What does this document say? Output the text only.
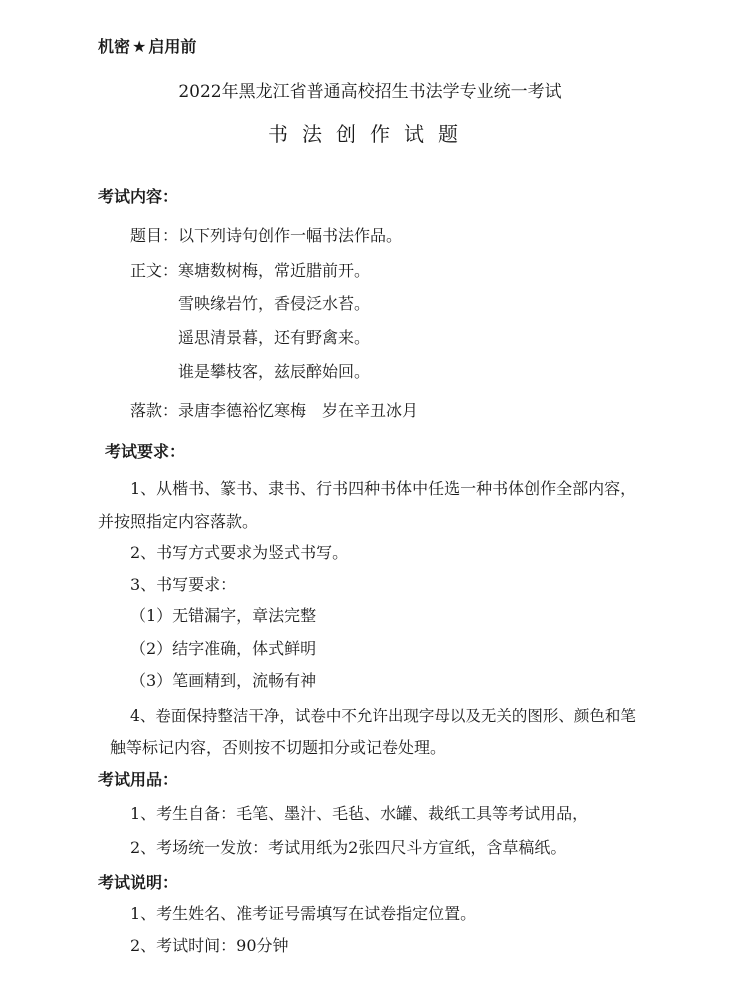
机密 ★ 启用前
2022年黑龙江省普通高校招生书法学专业统一考试
书法创作试题
考试内容：
题目：以下列诗句创作一幅书法作品。
正文：寒塘数树梅，常近腊前开。
雪映缘岩竹，香侵泛水苔。
遥思清景暮，还有野禽来。
谁是攀枝客，兹辰醉始回。
落款：录唐李德裕忆寒梅　岁在辛丑冰月
考试要求：
1、从楷书、篆书、隶书、行书四种书体中任选一种书体创作全部内容，
并按照指定内容落款。
2、书写方式要求为竖式书写。
3、书写要求：
（1）无错漏字，章法完整
（2）结字准确，体式鲜明
（3）笔画精到，流畅有神
4、卷面保持整洁干净，试卷中不允许出现字母以及无关的图形、颜色和笔
触等标记内容，否则按不切题扣分或记卷处理。
考试用品：
1、考生自备：毛笔、墨汁、毛毡、水罐、裁纸工具等考试用品，
2、考场统一发放：考试用纸为2张四尺斗方宣纸，含草稿纸。
考试说明：
1、考生姓名、准考证号需填写在试卷指定位置。
2、考试时间：90分钟
